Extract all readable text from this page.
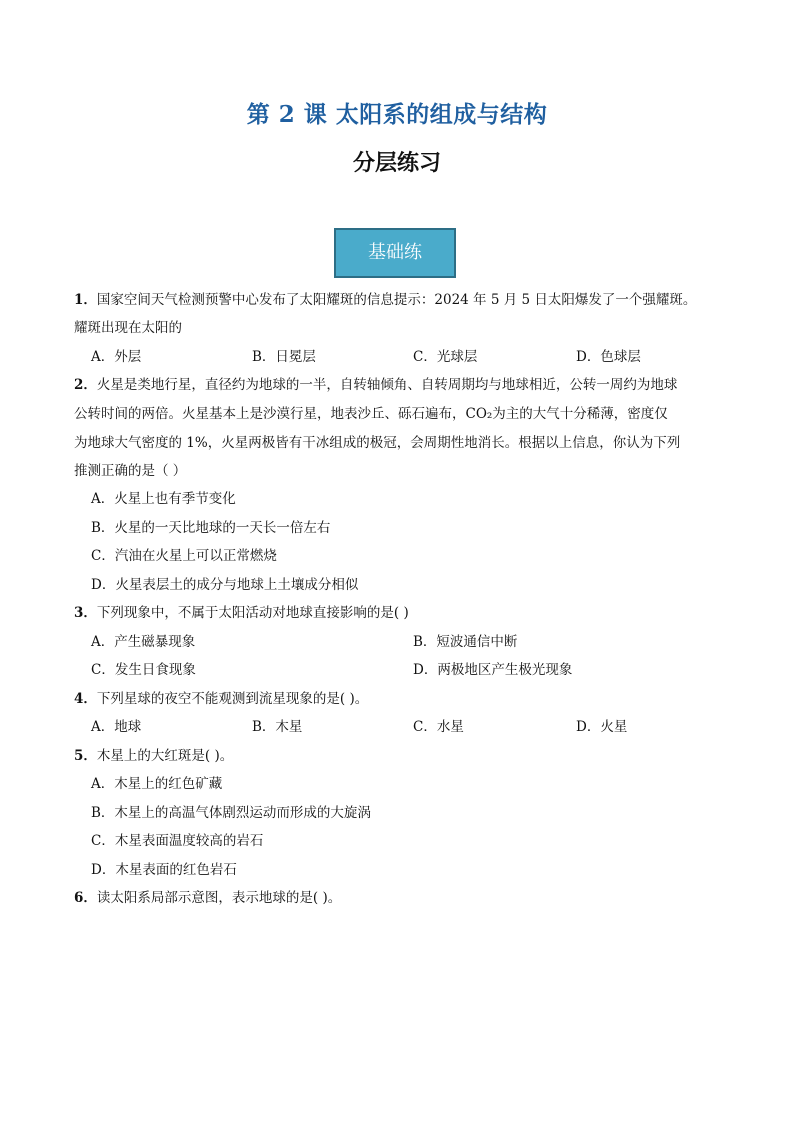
第 2 课 太阳系的组成与结构
分层练习
基础练
1．国家空间天气检测预警中心发布了太阳耀斑的信息提示：2024 年 5 月 5 日太阳爆发了一个强耀斑。
耀斑出现在太阳的
A．外层	B．日冕层	C．光球层	D．色球层
2．火星是类地行星，直径约为地球的一半，自转轴倾角、自转周期均与地球相近，公转一周约为地球
公转时间的两倍。火星基本上是沙漠行星，地表沙丘、砾石遍布，CO₂为主的大气十分稀薄，密度仅
为地球大气密度的 1%，火星两极皆有干冰组成的极冠，会周期性地消长。根据以上信息，你认为下列
推测正确的是（ ）
A．火星上也有季节变化
B．火星的一天比地球的一天长一倍左右
C．汽油在火星上可以正常燃烧
D．火星表层土的成分与地球上土壤成分相似
3．下列现象中，不属于太阳活动对地球直接影响的是( )
A．产生磁暴现象	B．短波通信中断
C．发生日食现象	D．两极地区产生极光现象
4．下列星球的夜空不能观测到流星现象的是( )。
A．地球	B．木星	C．水星	D．火星
5．木星上的大红斑是( )。
A．木星上的红色矿藏
B．木星上的高温气体剧烈运动而形成的大旋涡
C．木星表面温度较高的岩石
D．木星表面的红色岩石
6．读太阳系局部示意图，表示地球的是( )。
